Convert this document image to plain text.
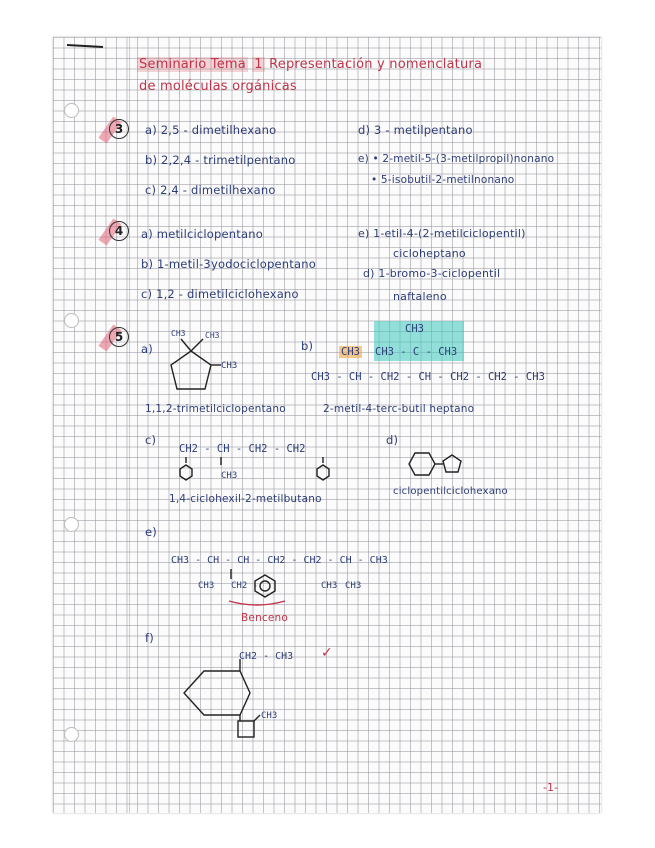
Seminario Tema 1 Representación y nomenclatura
de moléculas orgánicas
3	a) 2,5 - dimetilhexano
b) 2,2,4 - trimetilpentano
c) 2,4 - dimetilhexano
d) 3 - metilpentano
e) • 2-metil-5-(3-metilpropil)nonano
• 5-isobutil-2-metilnonano
4	a) metilciclopentano
b) 1-metil-3yodociclopentano
c) 1,2 - dimetilciclohexano
e) 1-etil-4-(2-metilciclopentil)
cicloheptano
d) 1-bromo-3-ciclopentil
naftaleno
5
a)
CH3 CH3
CH3
1,1,2-trimetilciclopentano
b)
CH3
CH3 CH3 - C - CH3
CH3 - CH - CH2 - CH - CH2 - CH2 - CH3
2-metil-4-terc-butil heptano
c)
CH2 - CH - CH2 - CH2
CH3
1,4-ciclohexil-2-metilbutano
d)
ciclopentilciclohexano
e)
CH3 - CH - CH - CH2 - CH2 - CH - CH3
CH3 CH2 -	CH3 CH3
Benceno
f)
CH2 - CH3 ✓
CH3
-1-
